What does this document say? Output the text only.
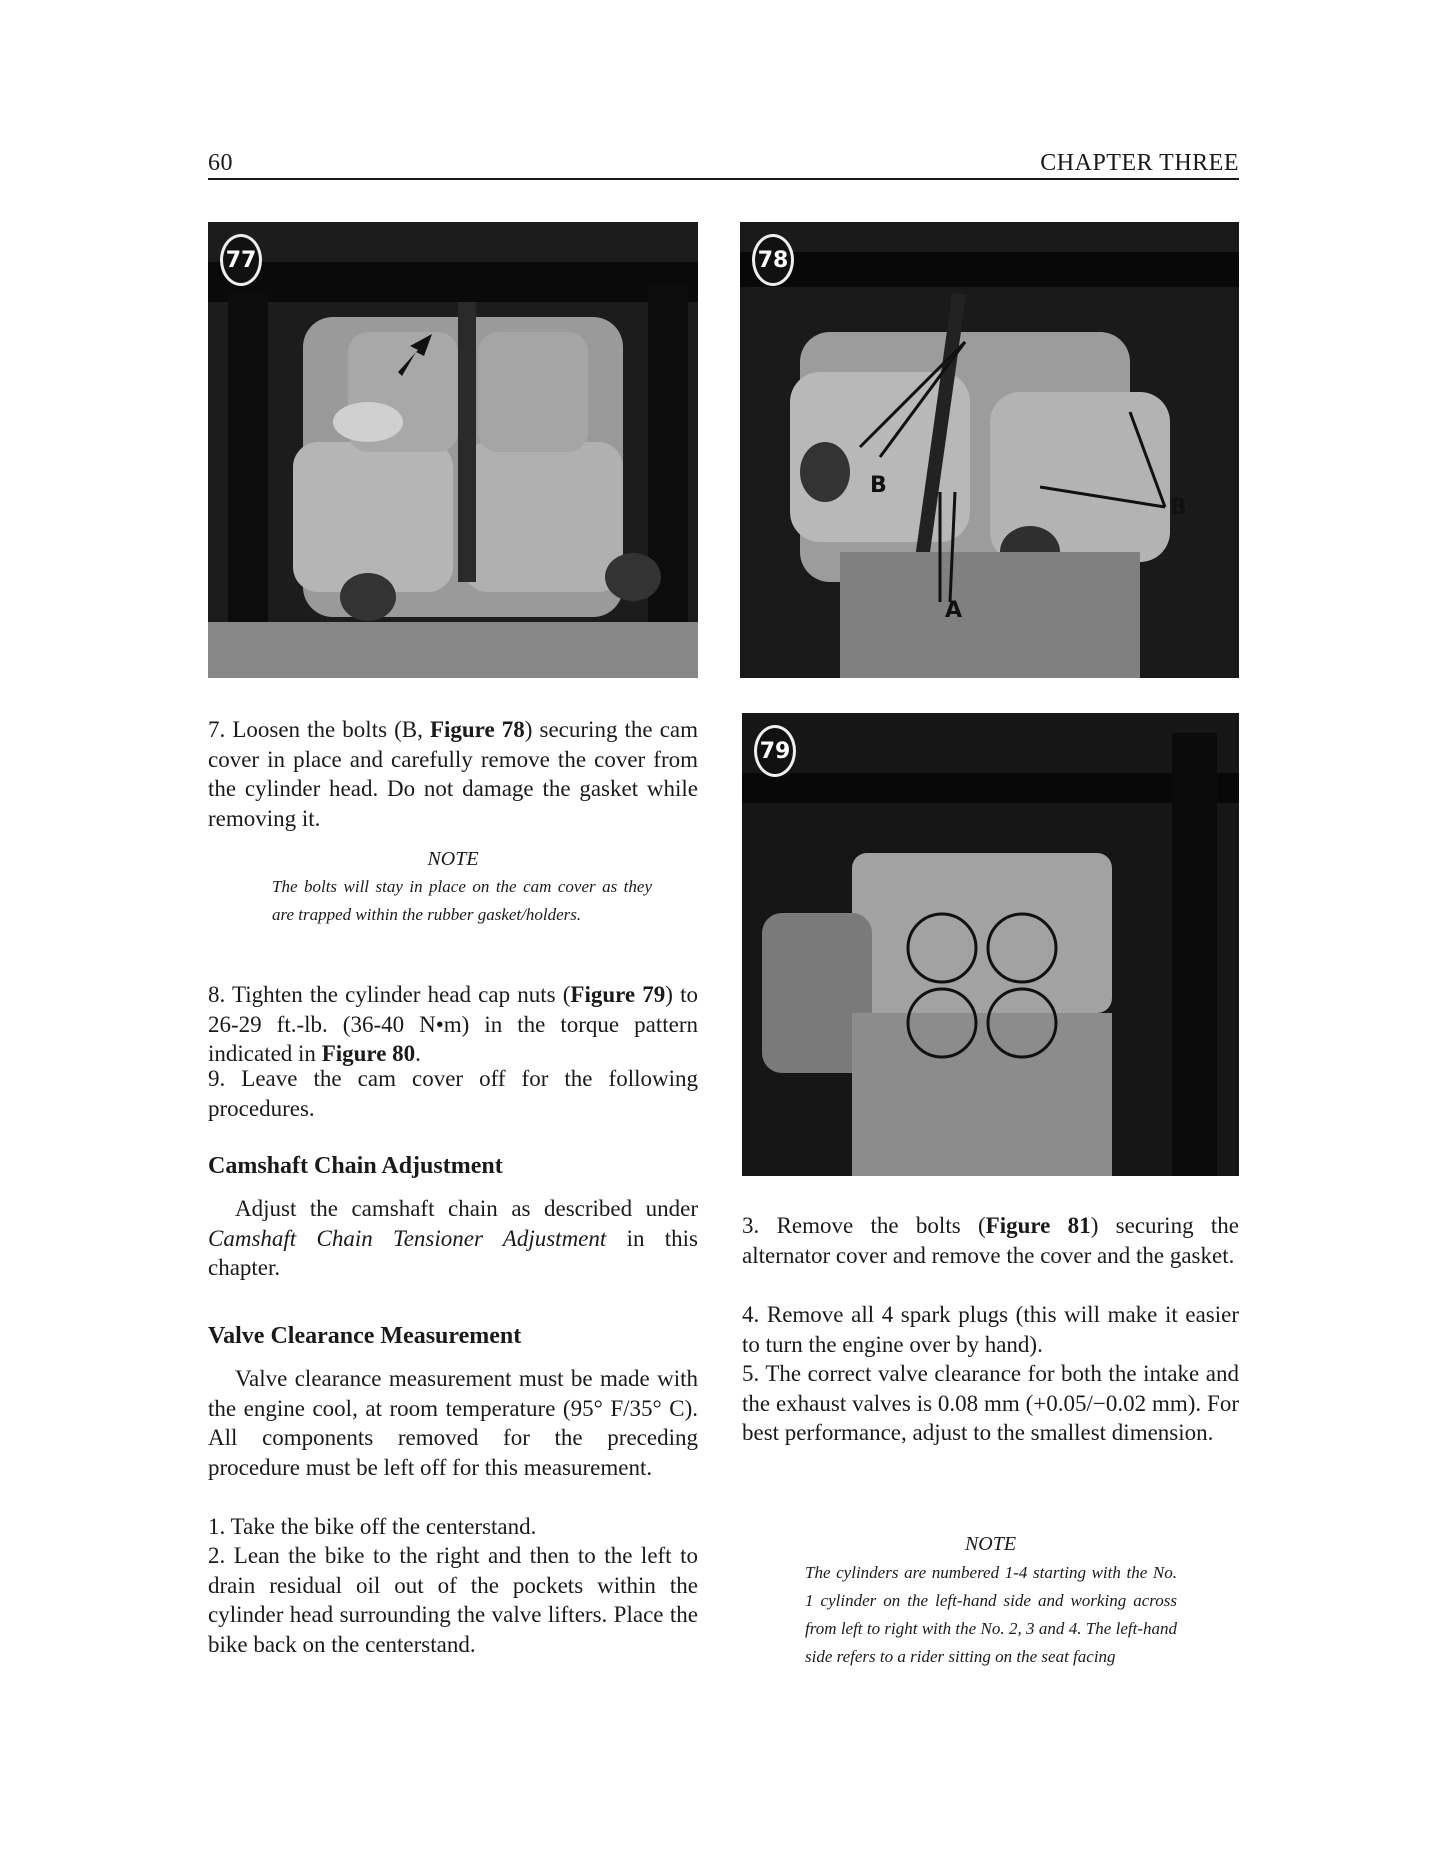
60	CHAPTER THREE
77
B
A
B
78
79
7. Loosen the bolts (B, Figure 78) securing the cam cover in place and carefully remove the cover from the cylinder head. Do not damage the gasket while removing it.
NOTE
The bolts will stay in place on the cam cover as they are trapped within the rubber gasket/holders.
8. Tighten the cylinder head cap nuts (Figure 79) to 26-29 ft.-lb. (36-40 N•m) in the torque pattern indicated in Figure 80.
9. Leave the cam cover off for the following procedures.
Camshaft Chain Adjustment
Adjust the camshaft chain as described under Camshaft Chain Tensioner Adjustment in this chapter.
Valve Clearance Measurement
Valve clearance measurement must be made with the engine cool, at room temperature (95° F/35° C). All components removed for the preceding procedure must be left off for this measurement.
1. Take the bike off the centerstand.
2. Lean the bike to the right and then to the left to drain residual oil out of the pockets within the cylinder head surrounding the valve lifters. Place the bike back on the centerstand.
3. Remove the bolts (Figure 81) securing the alternator cover and remove the cover and the gasket.
4. Remove all 4 spark plugs (this will make it easier to turn the engine over by hand).
5. The correct valve clearance for both the intake and the exhaust valves is 0.08 mm (+0.05/−0.02 mm). For best performance, adjust to the smallest dimension.
NOTE
The cylinders are numbered 1-4 starting with the No. 1 cylinder on the left-hand side and working across from left to right with the No. 2, 3 and 4. The left-hand side refers to a rider sitting on the seat facing
